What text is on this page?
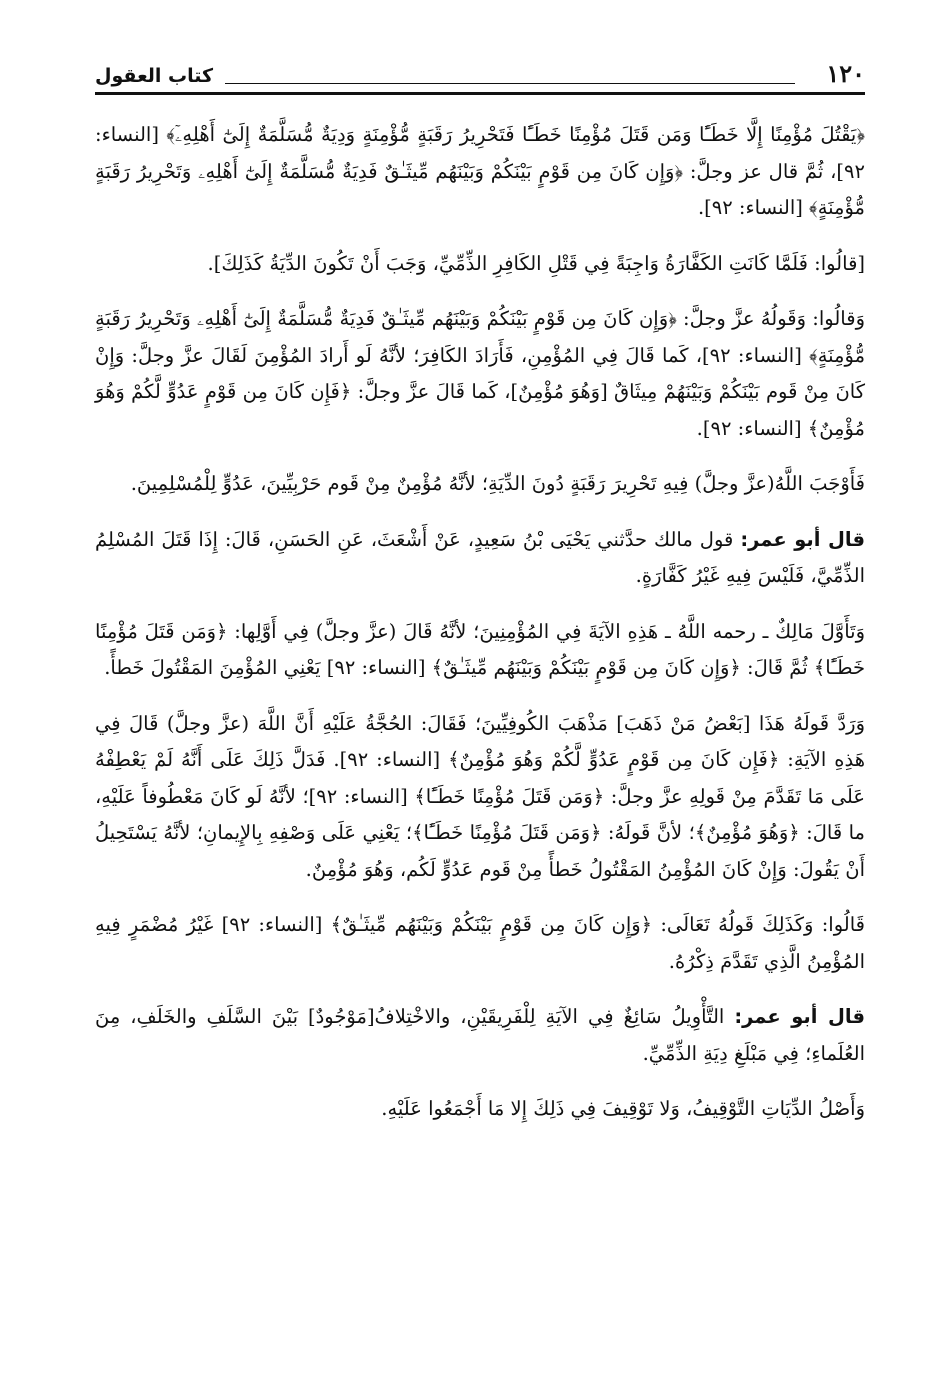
١٢٠
كتاب العقول

﴿يَقْتُلَ مُؤْمِنًا إِلَّا خَطَـًٔا وَمَن قَتَلَ مُؤْمِنًا خَطَـًٔا فَتَحْرِيرُ رَقَبَةٍ مُّؤْمِنَةٍ وَدِيَةٌ مُّسَلَّمَةٌ إِلَىٰٓ أَهْلِهِۦٓ﴾ [النساء: ٩٢]، ثُمَّ قال عز وجلَّ: ﴿وَإِن كَانَ مِن قَوْمٍ بَيْنَكُمْ وَبَيْنَهُم مِّيثَـٰقٌ فَدِيَةٌ مُّسَلَّمَةٌ إِلَىٰٓ أَهْلِهِۦ وَتَحْرِيرُ رَقَبَةٍ مُّؤْمِنَةٍ﴾ [النساء: ٩٢].

[قالُوا: فَلَمَّا كَانَتِ الكَفَّارَةُ وَاجِبَةً فِي قَتْلِ الكَافِرِ الذِّمِّيِّ، وَجَبَ أَنْ تَكُونَ الدِّيَةُ كَذَلِكَ].

وَقالُوا: وَقَولُهُ عزَّ وجلَّ: ﴿وَإِن كَانَ مِن قَوْمٍ بَيْنَكُمْ وَبَيْنَهُم مِّيثَـٰقٌ فَدِيَةٌ مُّسَلَّمَةٌ إِلَىٰٓ أَهْلِهِۦ وَتَحْرِيرُ رَقَبَةٍ مُّؤْمِنَةٍ﴾ [النساء: ٩٢]، كَما قَالَ فِي المُؤْمِنِ، فَأَرَادَ الكَافِرَ؛ لأنَّهُ لَو أَرادَ المُؤْمِنَ لَقَالَ عزَّ وجلَّ: وَإِنْ كَانَ مِنْ قَوم بَيْنَكُمْ وَبَيْنَهُمْ مِيثَاقٌ [وَهُوَ مُؤْمِنٌ]، كَما قَالَ عزَّ وجلَّ: ﴿فَإِن كَانَ مِن قَوْمٍ عَدُوٍّ لَّكُمْ وَهُوَ مُؤْمِنٌ﴾ [النساء: ٩٢].

فَأَوْجَبَ اللَّهُ(عزَّ وجلَّ) فِيهِ تَحْرِيرَ رَقَبَةٍ دُونَ الدِّيَةِ؛ لأنَّهُ مُؤْمِنٌ مِنْ قَوم حَرْبِيِّينَ، عَدُوٍّ لِلْمُسْلِمِينَ.

قال أبو عمر: قول مالك حدَّثني يَحْيَى بْنُ سَعِيدٍ، عَنْ أَشْعَثَ، عَنِ الحَسَنِ، قَالَ: إِذَا قَتَلَ المُسْلِمُ الذِّمِّيَّ، فَلَيْسَ فِيهِ غَيْرُ كَفَّارَةٍ.

وَتَأَوَّلَ مَالِكٌ ـ رحمه اللَّهُ ـ هَذِهِ الآيَةَ فِي المُؤْمِنِينَ؛ لأنَّهُ قَالَ (عزَّ وجلَّ) فِي أَوَّلِها: ﴿وَمَن قَتَلَ مُؤْمِنًا خَطَـًٔا﴾ ثُمَّ قَالَ: ﴿وَإِن كَانَ مِن قَوْمٍ بَيْنَكُمْ وَبَيْنَهُم مِّيثَـٰقٌ﴾ [النساء: ٩٢] يَعْنِي المُؤْمِنَ المَقْتُولَ خَطأً.

وَرَدَّ قَولَهُ هَذَا [بَعْضُ مَنْ ذَهَبَ] مَذْهَبَ الكُوفِيِّينَ؛ فَقَالَ: الحُجَّةُ عَلَيْهِ أَنَّ اللَّهَ (عزَّ وجلَّ) قَالَ فِي هَذِهِ الآيَةِ: ﴿فَإِن كَانَ مِن قَوْمٍ عَدُوٍّ لَّكُمْ وَهُوَ مُؤْمِنٌ﴾ [النساء: ٩٢]. فَدَلَّ ذَلِكَ عَلَى أَنَّهُ لَمْ يَعْطِفْهُ عَلَى مَا تَقَدَّمَ مِنْ قَولِهِ عزَّ وجلَّ: ﴿وَمَن قَتَلَ مُؤْمِنًا خَطَـًٔا﴾ [النساء: ٩٢]؛ لأنَّهُ لَو كَانَ مَعْطُوفاً عَلَيْهِ، ما قَالَ: ﴿وَهُوَ مُؤْمِنٌ﴾؛ لأنَّ قَولَهُ: ﴿وَمَن قَتَلَ مُؤْمِنًا خَطَـًٔا﴾؛ يَعْنِي عَلَى وَصْفِهِ بِالإِيمانِ؛ لأنَّهُ يَسْتَحِيلُ أَنْ يَقُولَ: وَإِنْ كَانَ المُؤْمِنُ المَقْتُولُ خَطأً مِنْ قَوم عَدُوٍّ لَكُم، وَهُوَ مُؤْمِنٌ.

قَالُوا: وَكَذَلِكَ قَولُهُ تَعَالَى: ﴿وَإِن كَانَ مِن قَوْمٍ بَيْنَكُمْ وَبَيْنَهُم مِّيثَـٰقٌ﴾ [النساء: ٩٢] غَيْرُ مُضْمَرٍ فِيهِ المُؤْمِنُ الَّذِي تَقَدَّمَ ذِكْرُهُ.

قال أبو عمر: التَّأْوِيلُ سَائِغٌ فِي الآيَةِ لِلْفَرِيقَيْنِ، والاخْتِلافُ[مَوْجُودٌ] بَيْنَ السَّلَفِ والخَلَفِ، مِنَ العُلَماءِ؛ فِي مَبْلَغِ دِيَةِ الذِّمِّيِّ.

وَأَصْلُ الدِّيَاتِ التَّوْقِيفُ، وَلا تَوْقِيفَ فِي ذَلِكَ إِلا مَا أَجْمَعُوا عَلَيْهِ.
